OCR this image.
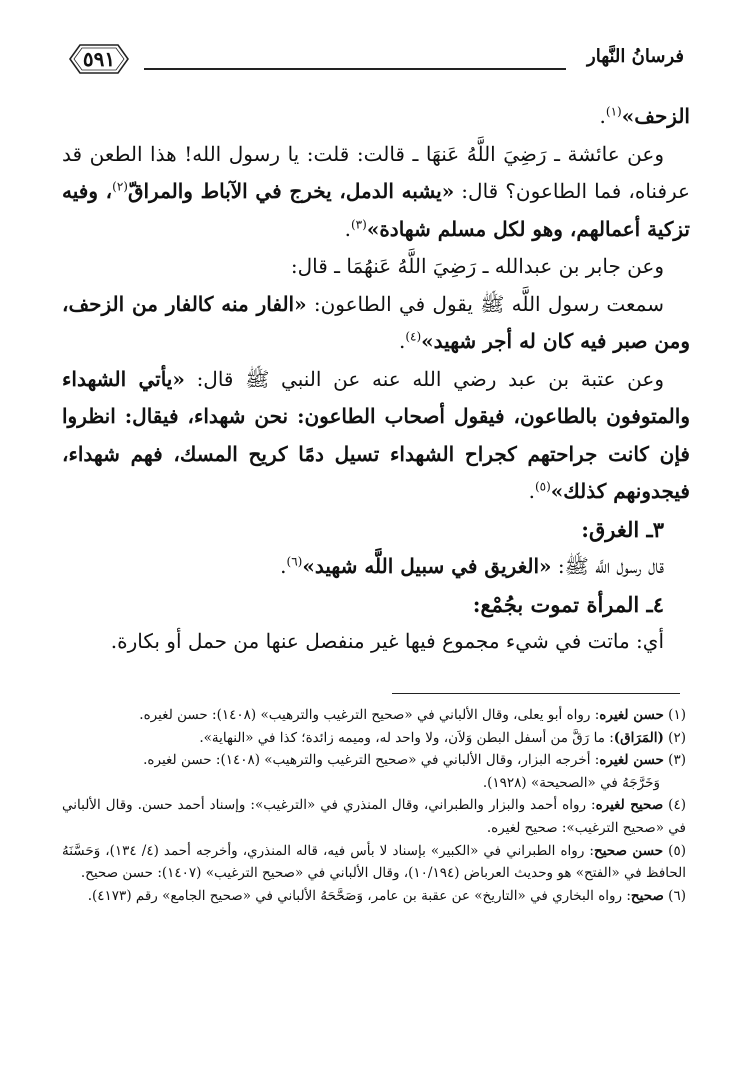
٥٩١	فرسانُ النَّهار

الزحف»$^{(١)}$.

وعن عائشة ـ رَضِيَ اللَّهُ عَنهَا ـ قالت: قلت: يا رسول الله! هذا الطعن قد عرفناه، فما الطاعون؟ قال: «يشبه الدمل، يخرج في الآباط والمراقّ$^{(٢)}$، وفيه تزكية أعمالهم، وهو لكل مسلم شهادة»$^{(٣)}$.

وعن جابر بن عبدالله ـ رَضِيَ اللَّهُ عَنهُمَا ـ قال:

سمعت رسول اللَّه ﷺ يقول في الطاعون: «الفار منه كالفار من الزحف، ومن صبر فيه كان له أجر شهيد»$^{(٤)}$.

وعن عتبة بن عبد رضي الله عنه عن النبي ﷺ قال: «يأتي الشهداء والمتوفون بالطاعون، فيقول أصحاب الطاعون: نحن شهداء، فيقال: انظروا فإن كانت جراحتهم كجراح الشهداء تسيل دمًا كريح المسك، فهم شهداء، فيجدونهم كذلك»$^{(٥)}$.

٣ـ الغرق:

قال رسول اللَّه ﷺ: «الغريق في سبيل اللَّه شهيد»$^{(٦)}$.

٤ـ المرأة تموت بجُمْع:

أي: ماتت في شيء مجموع فيها غير منفصل عنها من حمل أو بكارة.

(١) حسن لغيره: رواه أبو يعلى، وقال الألباني في «صحيح الترغيب والترهيب» (١٤٠٨): حسن لغيره.

(٢) (المَرَاق): ما رَقَّ من أسفل البطن وَلاَن، ولا واحد له، وميمه زائدة؛ كذا في «النهاية».

(٣) حسن لغيره: أخرجه البزار، وقال الألباني في «صحيح الترغيب والترهيب» (١٤٠٨): حسن لغيره.

وَخَرَّجَهُ في «الصحيحة» (١٩٢٨).

(٤) صحيح لغيره: رواه أحمد والبزار والطبراني، وقال المنذري في «الترغيب»: وإسناد أحمد حسن. وقال الألباني في «صحيح الترغيب»: صحيح لغيره.

(٥) حسن صحيح: رواه الطبراني في «الكبير» بإسناد لا بأس فيه، قاله المنذري، وأخرجه أحمد (٤/ ١٣٤)، وَحَسَّنَهُ الحافظ في «الفتح» هو وحديث العرباض (١٠/١٩٤)، وقال الألباني في «صحيح الترغيب» (١٤٠٧): حسن صحيح.

(٦) صحيح: رواه البخاري في «التاريخ» عن عقبة بن عامر، وَصَحَّحَهُ الألباني في «صحيح الجامع» رقم (٤١٧٣).
